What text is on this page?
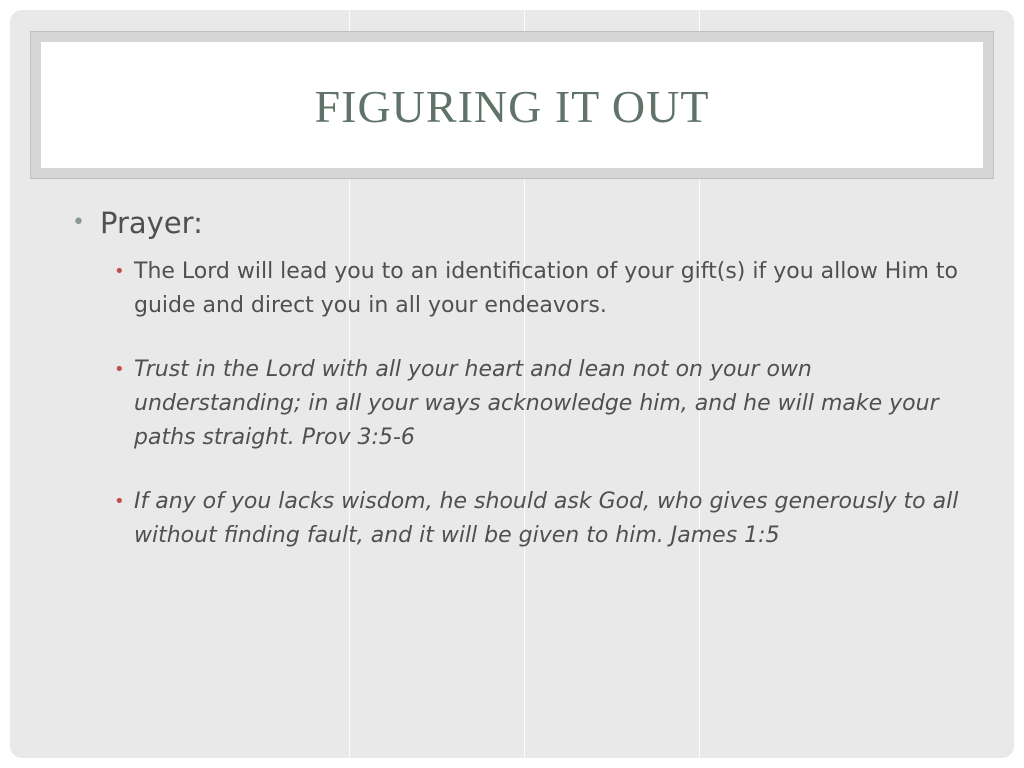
FIGURING IT OUT
• Prayer:
• The Lord will lead you to an identification of your gift(s) if you allow Him to guide and direct you in all your endeavors.
• Trust in the Lord with all your heart and lean not on your own understanding; in all your ways acknowledge him, and he will make your paths straight. Prov 3:5-6
• If any of you lacks wisdom, he should ask God, who gives generously to all without finding fault, and it will be given to him. James 1:5
